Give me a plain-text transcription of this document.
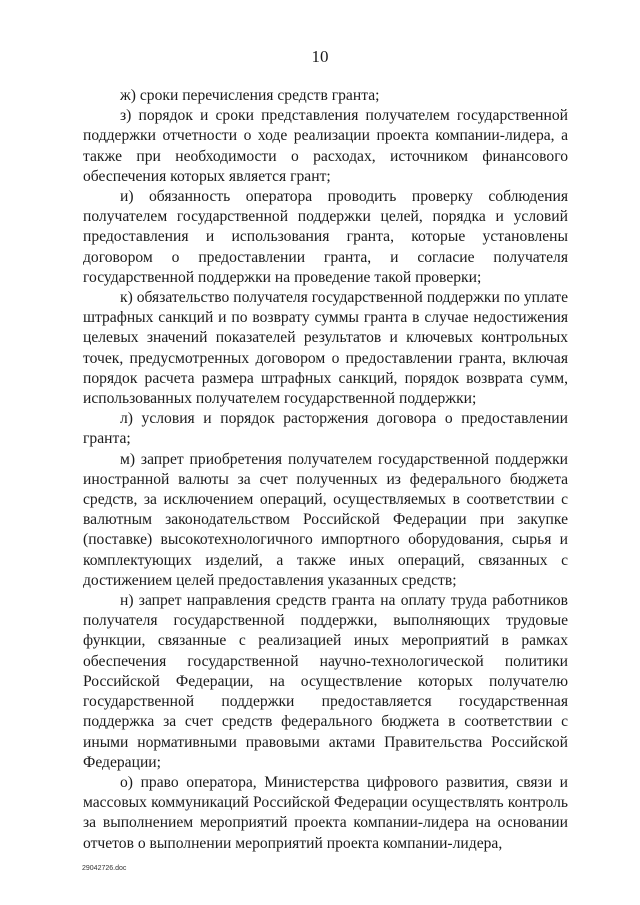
10

ж) сроки перечисления средств гранта;

з) порядок и сроки представления получателем государственной поддержки отчетности о ходе реализации проекта компании-лидера, а также при необходимости о расходах, источником финансового обеспечения которых является грант;

и) обязанность оператора проводить проверку соблюдения получателем государственной поддержки целей, порядка и условий предоставления и использования гранта, которые установлены договором о предоставлении гранта, и согласие получателя государственной поддержки на проведение такой проверки;

к) обязательство получателя государственной поддержки по уплате штрафных санкций и по возврату суммы гранта в случае недостижения целевых значений показателей результатов и ключевых контрольных точек, предусмотренных договором о предоставлении гранта, включая порядок расчета размера штрафных санкций, порядок возврата сумм, использованных получателем государственной поддержки;

л) условия и порядок расторжения договора о предоставлении гранта;

м) запрет приобретения получателем государственной поддержки иностранной валюты за счет полученных из федерального бюджета средств, за исключением операций, осуществляемых в соответствии с валютным законодательством Российской Федерации при закупке (поставке) высокотехнологичного импортного оборудования, сырья и комплектующих изделий, а также иных операций, связанных с достижением целей предоставления указанных средств;

н) запрет направления средств гранта на оплату труда работников получателя государственной поддержки, выполняющих трудовые функции, связанные с реализацией иных мероприятий в рамках обеспечения государственной научно-технологической политики Российской Федерации, на осуществление которых получателю государственной поддержки предоставляется государственная поддержка за счет средств федерального бюджета в соответствии с иными нормативными правовыми актами Правительства Российской Федерации;

о) право оператора, Министерства цифрового развития, связи и массовых коммуникаций Российской Федерации осуществлять контроль за выполнением мероприятий проекта компании-лидера на основании отчетов о выполнении мероприятий проекта компании-лидера,

29042726.doc
